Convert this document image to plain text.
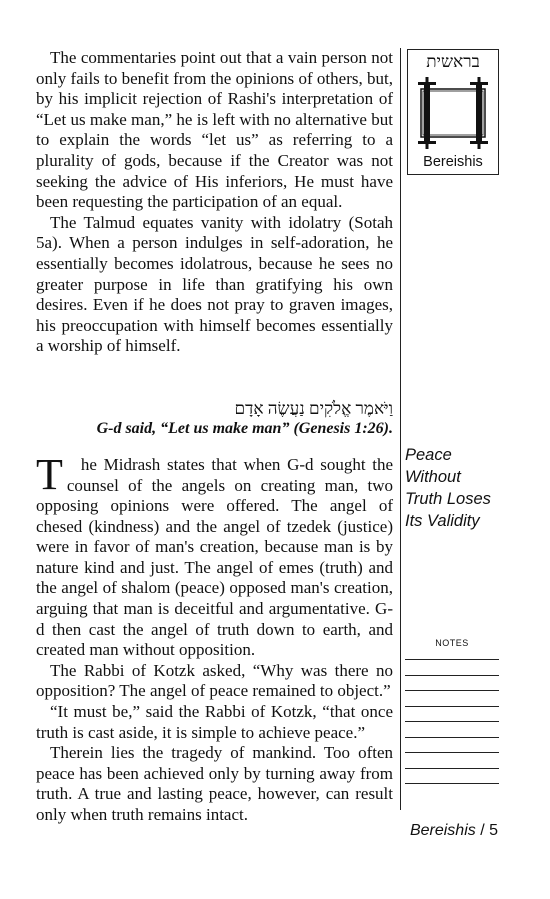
The commentaries point out that a vain person not only fails to benefit from the opinions of others, but, by his implicit rejection of Rashi's interpretation of “Let us make man,” he is left with no alternative but to explain the words “let us” as referring to a plurality of gods, because if the Creator was not seeking the advice of His inferiors, He must have been requesting the participation of an equal.

The Talmud equates vanity with idolatry (Sotah 5a). When a person indulges in self-adoration, he essentially becomes idolatrous, because he sees no greater purpose in life than gratifying his own desires. Even if he does not pray to graven images, his preoccupation with himself becomes essentially a worship of himself.

וַיֹּאמֶר אֱלֹקִים נַעֲשֶׂה אָדָם
G-d said, “Let us make man” (Genesis 1:26).

T he Midrash states that when G-d sought the counsel of the angels on creating man, two opposing opinions were offered. The angel of chesed (kindness) and the angel of tzedek (justice) were in favor of man's creation, because man is by nature kind and just. The angel of emes (truth) and the angel of shalom (peace) opposed man's creation, arguing that man is deceitful and argumentative. G-d then cast the angel of truth down to earth, and created man without opposition.

The Rabbi of Kotzk asked, “Why was there no opposition? The angel of peace remained to object.”

“It must be,” said the Rabbi of Kotzk, “that once truth is cast aside, it is simple to achieve peace.”

Therein lies the tragedy of mankind. Too often peace has been achieved only by turning away from truth. A true and lasting peace, however, can result only when truth remains intact.

בראשית
Bereishis
Peace
Without
Truth Loses
Its Validity
NOTES
Bereishis / 5
